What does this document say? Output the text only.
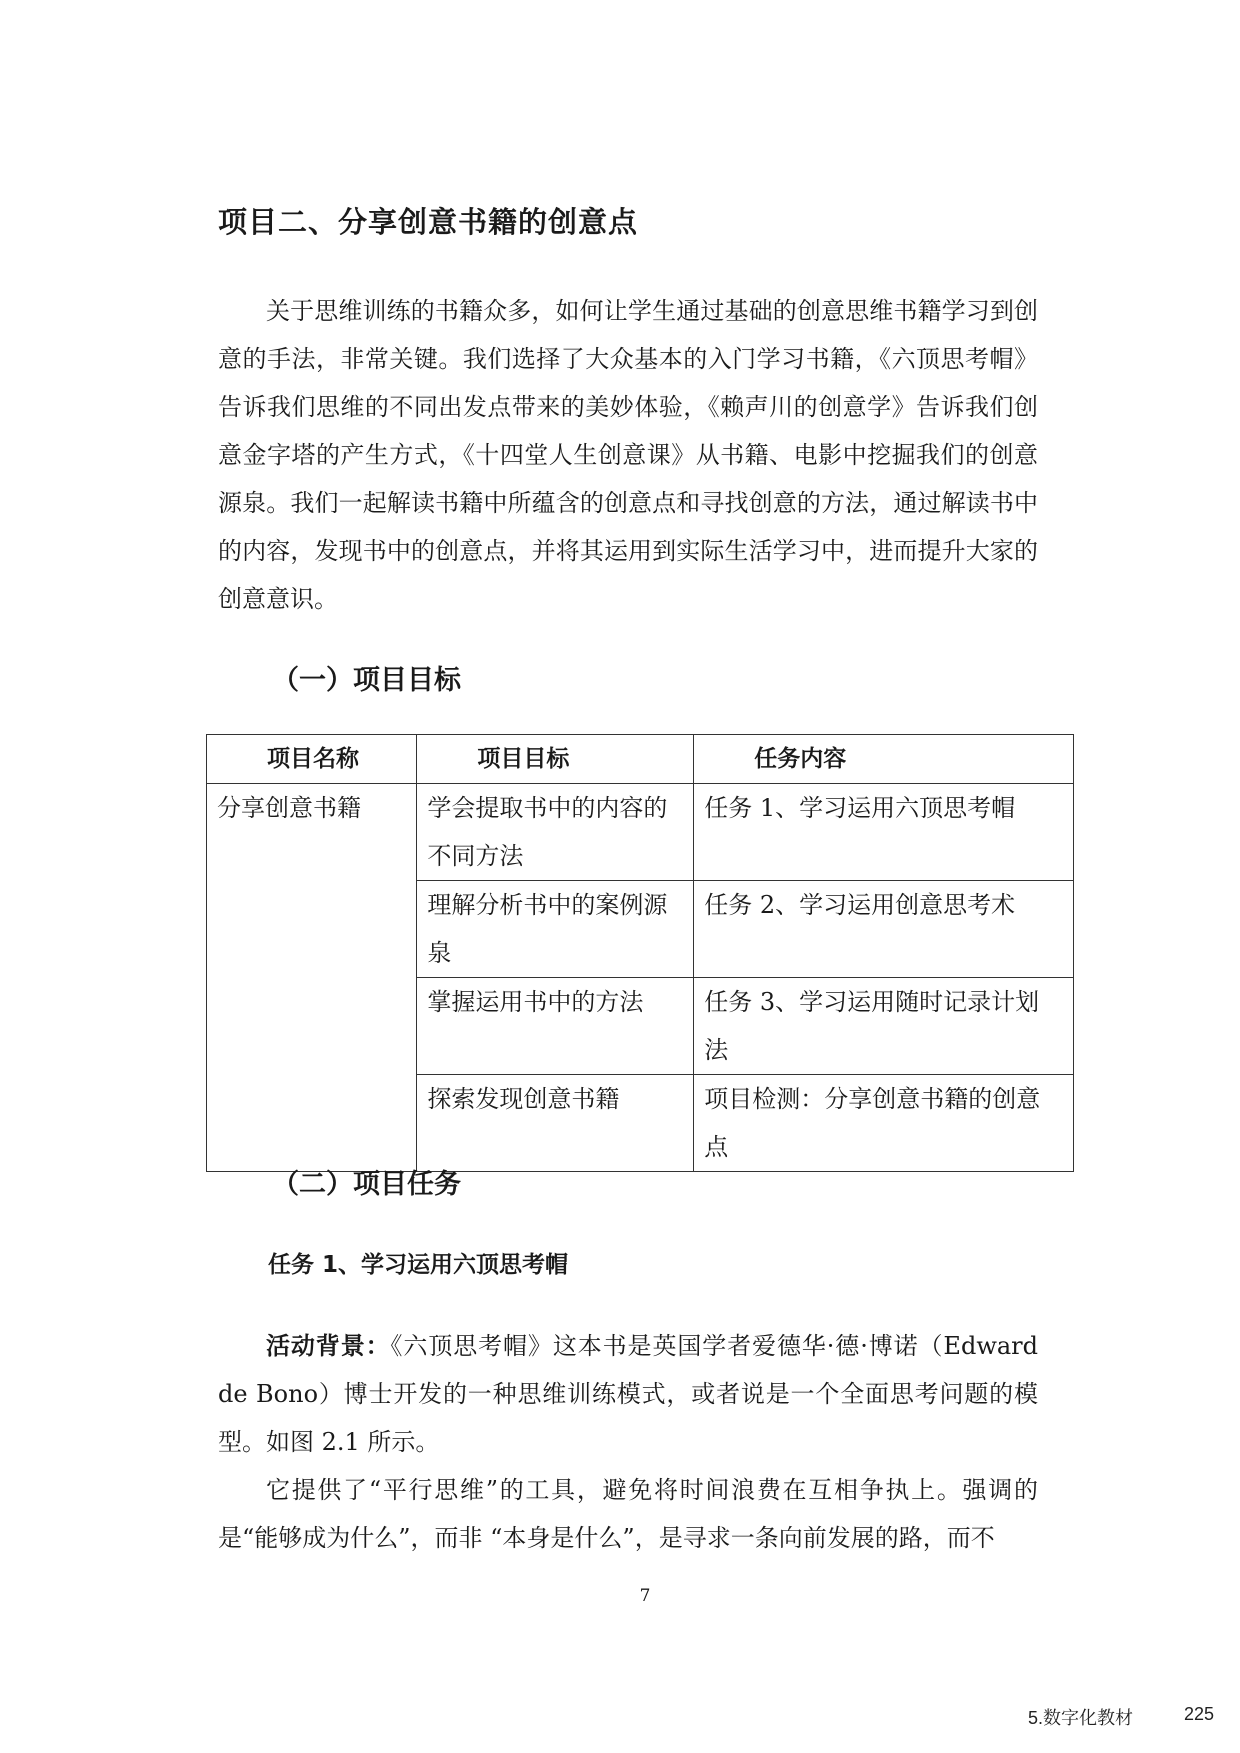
项目二、分享创意书籍的创意点

关于思维训练的书籍众多，如何让学生通过基础的创意思维书籍学习到创意的手法，非常关键。我们选择了大众基本的入门学习书籍，《六顶思考帽》告诉我们思维的不同出发点带来的美妙体验，《赖声川的创意学》告诉我们创意金字塔的产生方式，《十四堂人生创意课》从书籍、电影中挖掘我们的创意源泉。我们一起解读书籍中所蕴含的创意点和寻找创意的方法，通过解读书中的内容，发现书中的创意点，并将其运用到实际生活学习中，进而提升大家的创意意识。

（一）项目目标
项目名称	项目目标	任务内容
分享创意书籍	学会提取书中的内容的不同方法	任务 1、学习运用六顶思考帽
	理解分析书中的案例源泉	任务 2、学习运用创意思考术
	掌握运用书中的方法	任务 3、学习运用随时记录计划法
	探索发现创意书籍	项目检测：分享创意书籍的创意点
（二）项目任务
任务 1、学习运用六顶思考帽

活动背景：《六顶思考帽》这本书是英国学者爱德华·德·博诺（Edward de Bono）博士开发的一种思维训练模式，或者说是一个全面思考问题的模型。如图 2.1 所示。

它提供了“平行思维”的工具，避免将时间浪费在互相争执上。强调的是“能够成为什么”，而非 “本身是什么”，是寻求一条向前发展的路，而不

7

5.数字化教材	225
